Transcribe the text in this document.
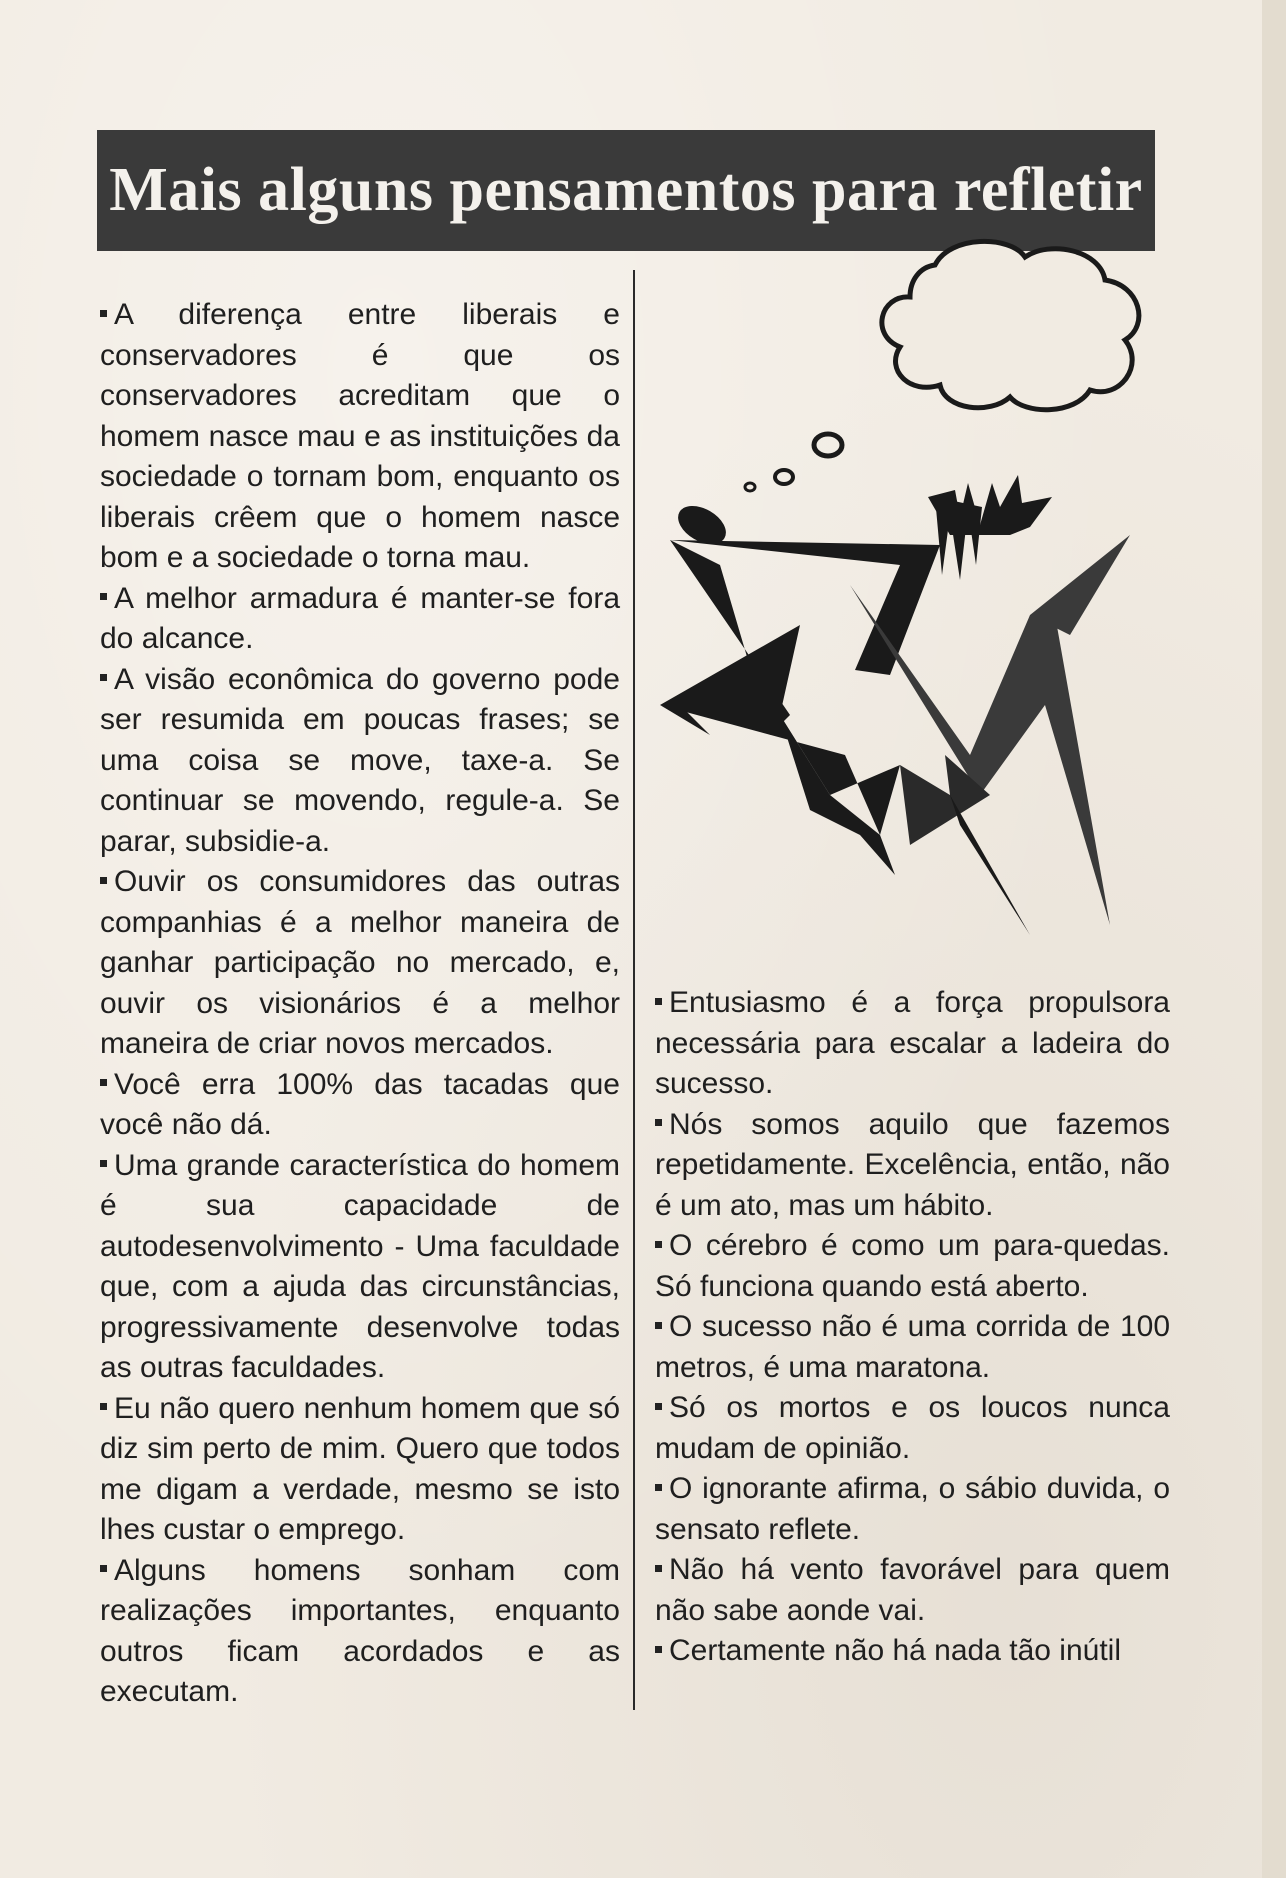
Mais alguns pensamentos para refletir

A diferença entre liberais e conservadores é que os conservadores acreditam que o homem nasce mau e as instituições da sociedade o tornam bom, enquanto os liberais crêem que o homem nasce bom e a sociedade o torna mau.

A melhor armadura é manter-se fora do alcance.

A visão econômica do governo pode ser resumida em poucas frases; se uma coisa se move, taxe-a. Se continuar se movendo, regule-a. Se parar, subsidie-a.

Ouvir os consumidores das outras companhias é a melhor maneira de ganhar participação no mercado, e, ouvir os visionários é a melhor maneira de criar novos mercados.

Você erra 100% das tacadas que você não dá.

Uma grande característica do homem é sua capacidade de autodesenvolvimento - Uma faculdade que, com a ajuda das circunstâncias, progressivamente desenvolve todas as outras faculdades.

Eu não quero nenhum homem que só diz sim perto de mim. Quero que todos me digam a verdade, mesmo se isto lhes custar o emprego.

Alguns homens sonham com realizações importantes, enquanto outros ficam acordados e as executam.

Entusiasmo é a força propulsora necessária para escalar a ladeira do sucesso.

Nós somos aquilo que fazemos repetidamente. Excelência, então, não é um ato, mas um hábito.

O cérebro é como um para-quedas. Só funciona quando está aberto.

O sucesso não é uma corrida de 100 metros, é uma maratona.

Só os mortos e os loucos nunca mudam de opinião.

O ignorante afirma, o sábio duvida, o sensato reflete.

Não há vento favorável para quem não sabe aonde vai.

Certamente não há nada tão inútil
